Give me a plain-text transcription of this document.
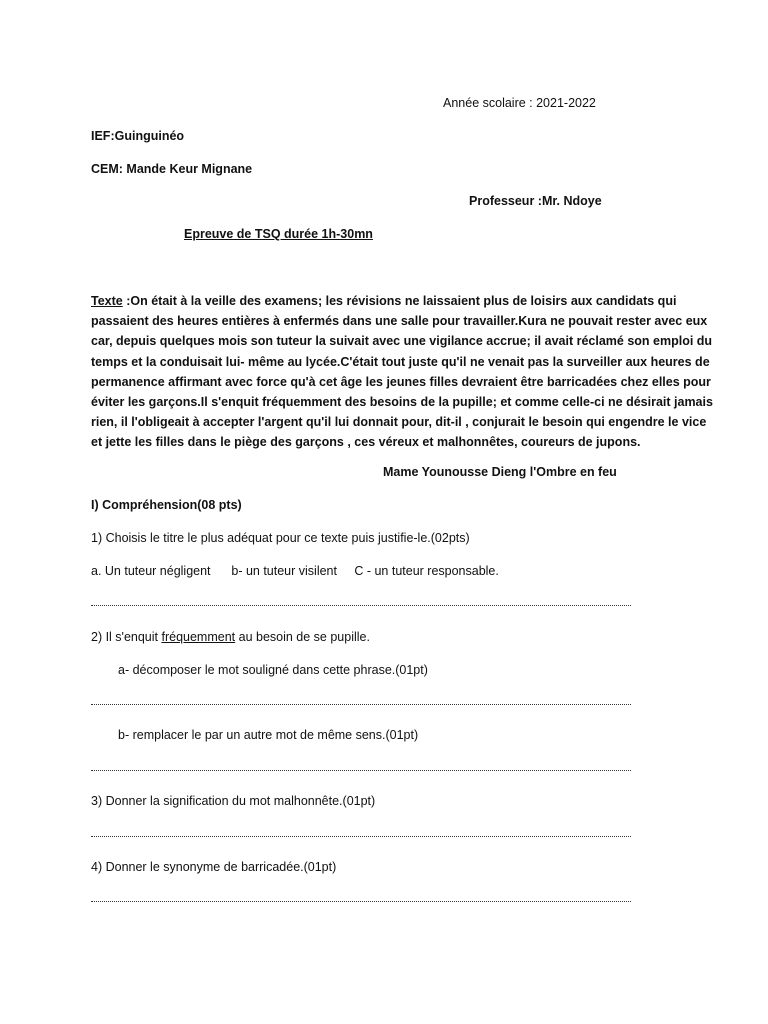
Année scolaire : 2021-2022
IEF:Guinguinéo
CEM: Mande Keur Mignane
Professeur :Mr. Ndoye
Epreuve de TSQ durée 1h-30mn
Texte :On était à la veille des examens; les révisions ne laissaient plus de loisirs aux candidats qui
passaient des heures entières à enfermés dans une salle pour travailler.Kura ne pouvait rester avec eux
car, depuis quelques mois son tuteur la suivait avec une vigilance accrue; il avait réclamé son emploi du
temps et la conduisait lui- même au lycée.C'était tout juste qu'il ne venait pas la surveiller aux heures de
permanence affirmant avec force qu'à cet âge les jeunes filles devraient être barricadées chez elles pour
éviter les garçons.Il s'enquit fréquemment des besoins de la pupille; et comme celle-ci ne désirait jamais
rien, il l'obligeait à accepter l'argent qu'il lui donnait pour, dit-il , conjurait le besoin qui engendre le vice
et jette les filles dans le piège des garçons , ces véreux et malhonnêtes, coureurs de jupons.
Mame Younousse Dieng l'Ombre en feu
I) Compréhension(08 pts)
1) Choisis le titre le plus adéquat pour ce texte puis justifie-le.(02pts)
a. Un tuteur négligent      b- un tuteur visilent     C - un tuteur responsable.
2) Il s'enquit fréquemment au besoin de se pupille.
a- décomposer le mot souligné dans cette phrase.(01pt)
b- remplacer le par un autre mot de même sens.(01pt)
3) Donner la signification du mot malhonnête.(01pt)
4) Donner le synonyme de barricadée.(01pt)
